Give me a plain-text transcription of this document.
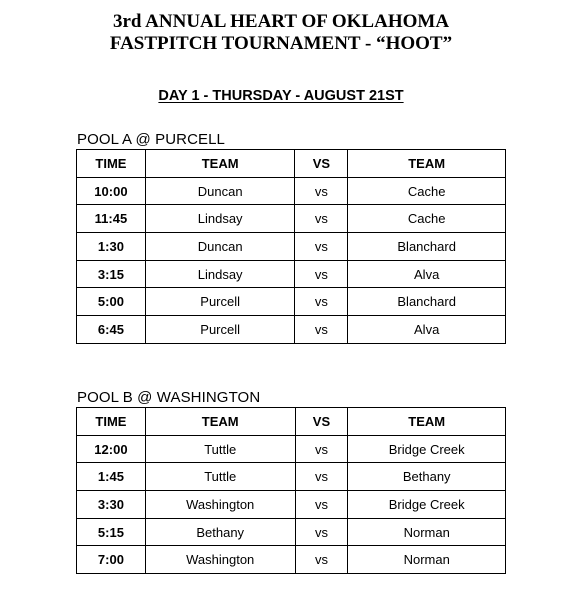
3rd ANNUAL HEART OF OKLAHOMA
FASTPITCH TOURNAMENT - “HOOT”
DAY 1 - THURSDAY - AUGUST 21ST
POOL A @ PURCELL
TIME	TEAM	VS	TEAM
10:00	Duncan	vs	Cache
11:45	Lindsay	vs	Cache
1:30	Duncan	vs	Blanchard
3:15	Lindsay	vs	Alva
5:00	Purcell	vs	Blanchard
6:45	Purcell	vs	Alva
POOL B @ WASHINGTON
TIME	TEAM	VS	TEAM
12:00	Tuttle	vs	Bridge Creek
1:45	Tuttle	vs	Bethany
3:30	Washington	vs	Bridge Creek
5:15	Bethany	vs	Norman
7:00	Washington	vs	Norman
